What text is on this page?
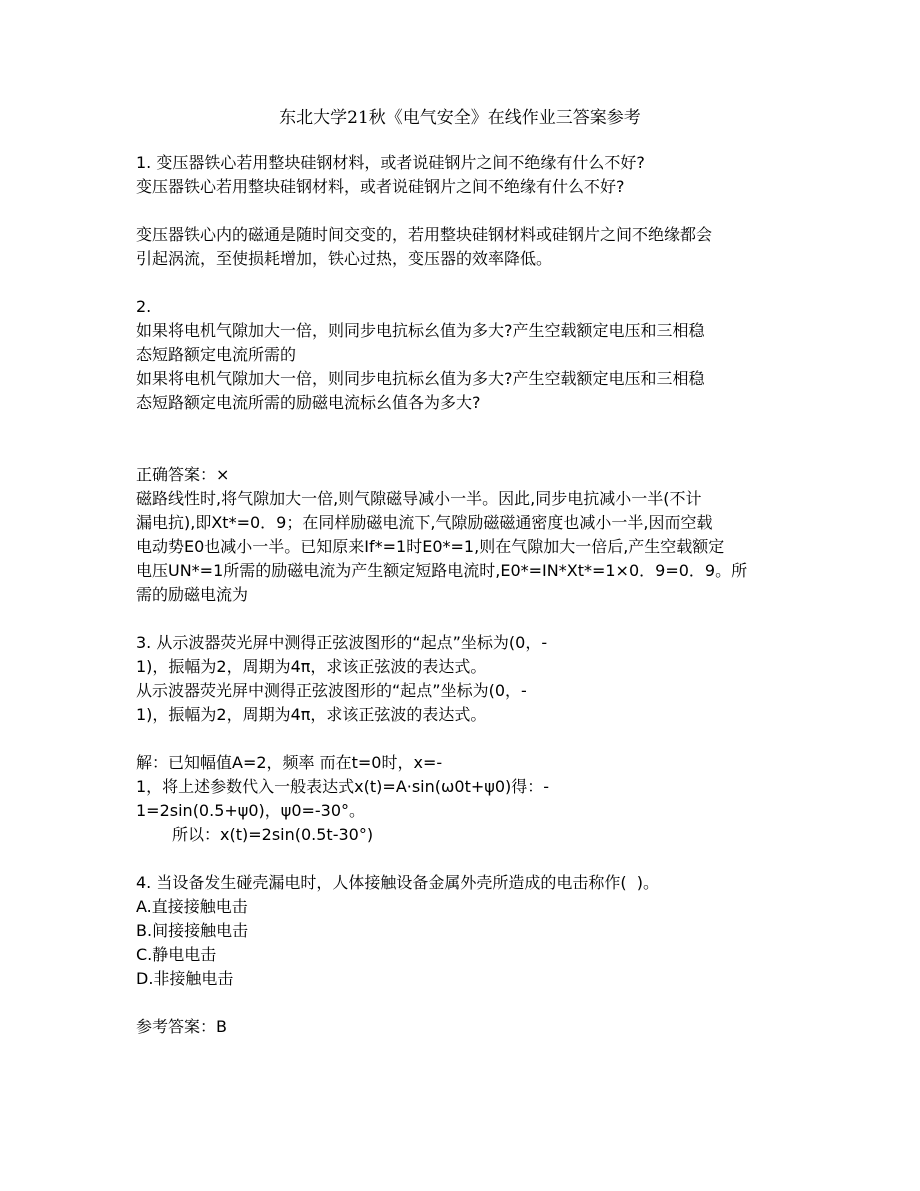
东北大学21秋《电气安全》在线作业三答案参考
1. 变压器铁心若用整块硅钢材料，或者说硅钢片之间不绝缘有什么不好?
变压器铁心若用整块硅钢材料，或者说硅钢片之间不绝缘有什么不好?
变压器铁心内的磁通是随时间交变的，若用整块硅钢材料或硅钢片之间不绝缘都会
引起涡流，至使损耗增加，铁心过热，变压器的效率降低。
2.
如果将电机气隙加大一倍，则同步电抗标幺值为多大?产生空载额定电压和三相稳
态短路额定电流所需的
如果将电机气隙加大一倍，则同步电抗标幺值为多大?产生空载额定电压和三相稳
态短路额定电流所需的励磁电流标幺值各为多大?
正确答案：×
磁路线性时,将气隙加大一倍,则气隙磁导减小一半。因此,同步电抗减小一半(不计
漏电抗),即Xt*=0．9；在同样励磁电流下,气隙励磁磁通密度也减小一半,因而空载
电动势E0也减小一半。已知原来If*=1时E0*=1,则在气隙加大一倍后,产生空载额定
电压UN*=1所需的励磁电流为产生额定短路电流时,E0*=IN*Xt*=1×0．9=0．9。所
需的励磁电流为
3. 从示波器荧光屏中测得正弦波图形的“起点”坐标为(0，-
1)，振幅为2，周期为4π，求该正弦波的表达式。
从示波器荧光屏中测得正弦波图形的“起点”坐标为(0，-
1)，振幅为2，周期为4π，求该正弦波的表达式。
解：已知幅值A=2，频率 而在t=0时，x=-
1，将上述参数代入一般表达式x(t)=A·sin(ω0t+ψ0)得：-
1=2sin(0.5+ψ0)，ψ0=-30°。
所以：x(t)=2sin(0.5t-30°)
4. 当设备发生碰壳漏电时，人体接触设备金属外壳所造成的电击称作(  )。
A.直接接触电击
B.间接接触电击
C.静电电击
D.非接触电击
参考答案：B
